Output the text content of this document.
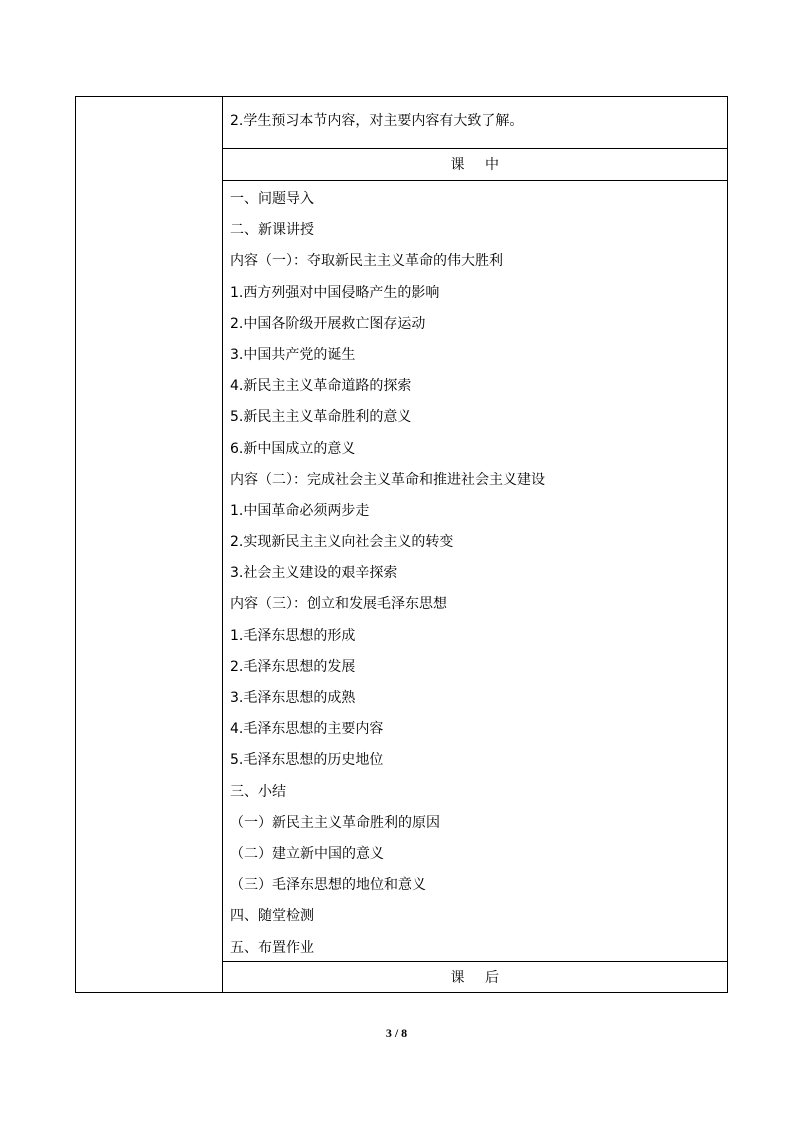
2.学生预习本节内容，对主要内容有大致了解。
课 中
一、问题导入
二、新课讲授
内容（一）：夺取新民主主义革命的伟大胜利
1.西方列强对中国侵略产生的影响
2.中国各阶级开展救亡图存运动
3.中国共产党的诞生
4.新民主主义革命道路的探索
5.新民主主义革命胜利的意义
6.新中国成立的意义
内容（二）：完成社会主义革命和推进社会主义建设
1.中国革命必须两步走
2.实现新民主主义向社会主义的转变
3.社会主义建设的艰辛探索
内容（三）：创立和发展毛泽东思想
1.毛泽东思想的形成
2.毛泽东思想的发展
3.毛泽东思想的成熟
4.毛泽东思想的主要内容
5.毛泽东思想的历史地位
三、小结
（一）新民主主义革命胜利的原因
（二）建立新中国的意义
（三）毛泽东思想的地位和意义
四、随堂检测
五、布置作业
课 后
3 / 8
